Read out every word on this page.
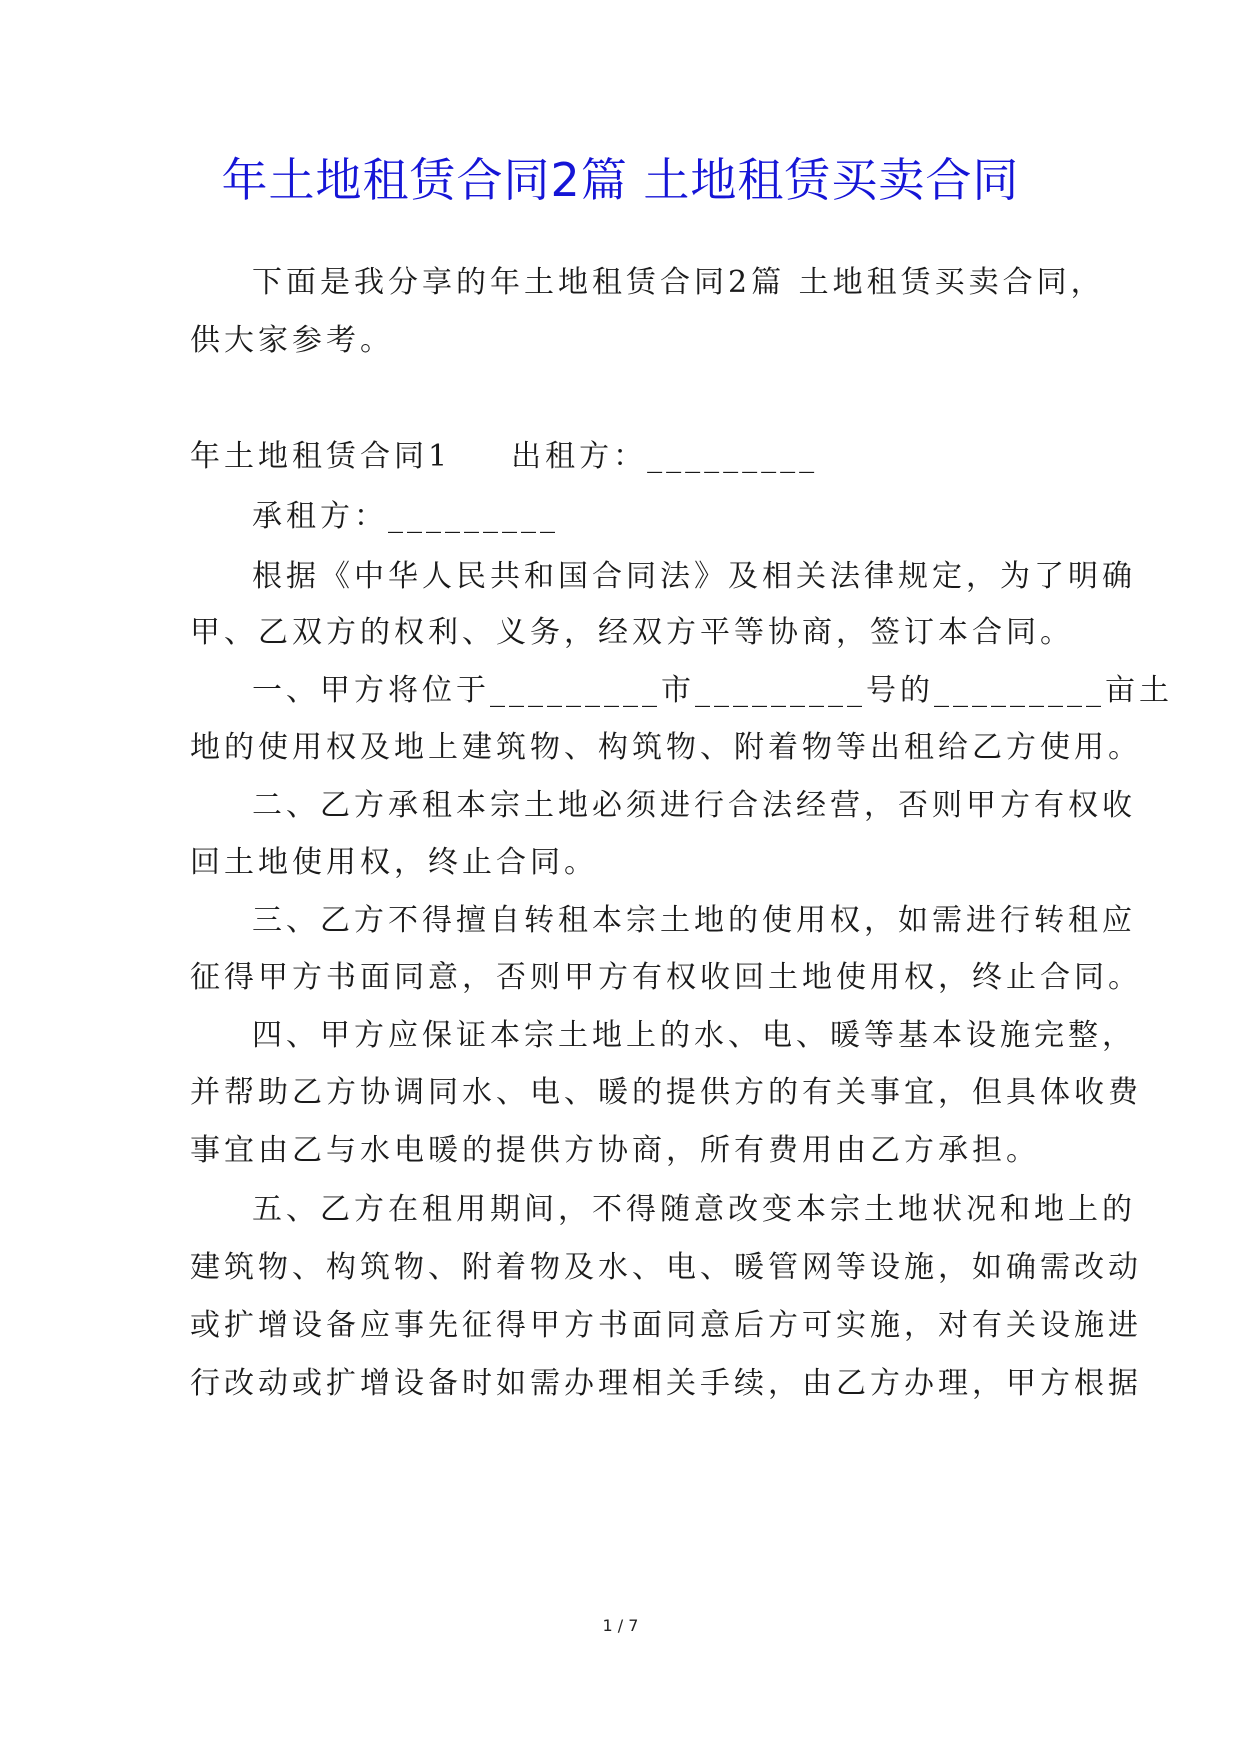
年土地租赁合同2篇 土地租赁买卖合同
下面是我分享的年土地租赁合同2篇 土地租赁买卖合同，
供大家参考。
年土地租赁合同1 出租方：_________
承租方：_________
根据《中华人民共和国合同法》及相关法律规定，为了明确
甲、乙双方的权利、义务，经双方平等协商，签订本合同。
一、甲方将位于_________市_________号的_________亩土
地的使用权及地上建筑物、构筑物、附着物等出租给乙方使用。
二、乙方承租本宗土地必须进行合法经营，否则甲方有权收
回土地使用权，终止合同。
三、乙方不得擅自转租本宗土地的使用权，如需进行转租应
征得甲方书面同意，否则甲方有权收回土地使用权，终止合同。
四、甲方应保证本宗土地上的水、电、暖等基本设施完整，
并帮助乙方协调同水、电、暖的提供方的有关事宜，但具体收费
事宜由乙与水电暖的提供方协商，所有费用由乙方承担。
五、乙方在租用期间，不得随意改变本宗土地状况和地上的
建筑物、构筑物、附着物及水、电、暖管网等设施，如确需改动
或扩增设备应事先征得甲方书面同意后方可实施，对有关设施进
行改动或扩增设备时如需办理相关手续，由乙方办理，甲方根据
1 / 7
